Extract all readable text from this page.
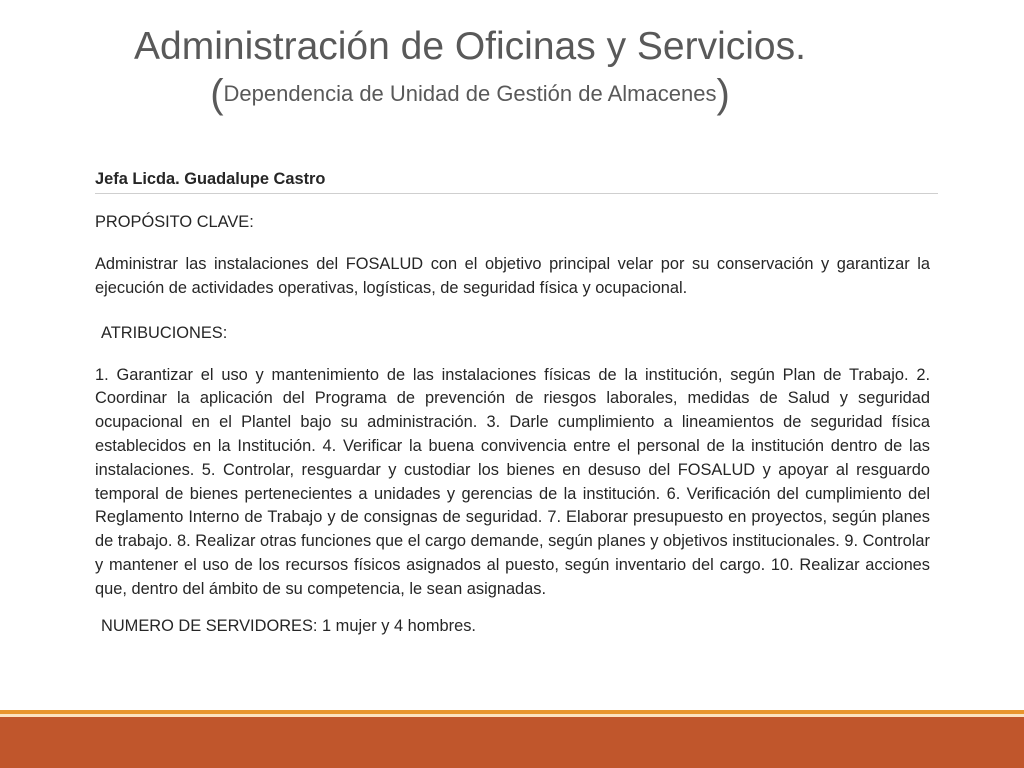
Administración de Oficinas y Servicios.
(Dependencia de Unidad de Gestión de Almacenes)

Jefa Licda. Guadalupe Castro

PROPÓSITO CLAVE:

Administrar las instalaciones del FOSALUD con el objetivo principal velar por su conservación y garantizar la ejecución de actividades operativas, logísticas, de seguridad física y ocupacional.

ATRIBUCIONES:

1. Garantizar el uso y mantenimiento de las instalaciones físicas de la institución, según Plan de Trabajo. 2. Coordinar la aplicación del Programa de prevención de riesgos laborales, medidas de Salud y seguridad ocupacional en el Plantel bajo su administración. 3. Darle cumplimiento a lineamientos de seguridad física establecidos en la Institución. 4. Verificar la buena convivencia entre el personal de la institución dentro de las instalaciones. 5. Controlar, resguardar y custodiar los bienes en desuso del FOSALUD y apoyar al resguardo temporal de bienes pertenecientes a unidades y gerencias de la institución. 6. Verificación del cumplimiento del Reglamento Interno de Trabajo y de consignas de seguridad. 7. Elaborar presupuesto en proyectos, según planes de trabajo. 8. Realizar otras funciones que el cargo demande, según planes y objetivos institucionales. 9. Controlar y mantener el uso de los recursos físicos asignados al puesto, según inventario del cargo. 10. Realizar acciones que, dentro del ámbito de su competencia, le sean asignadas.

NUMERO DE SERVIDORES: 1 mujer y 4 hombres.
